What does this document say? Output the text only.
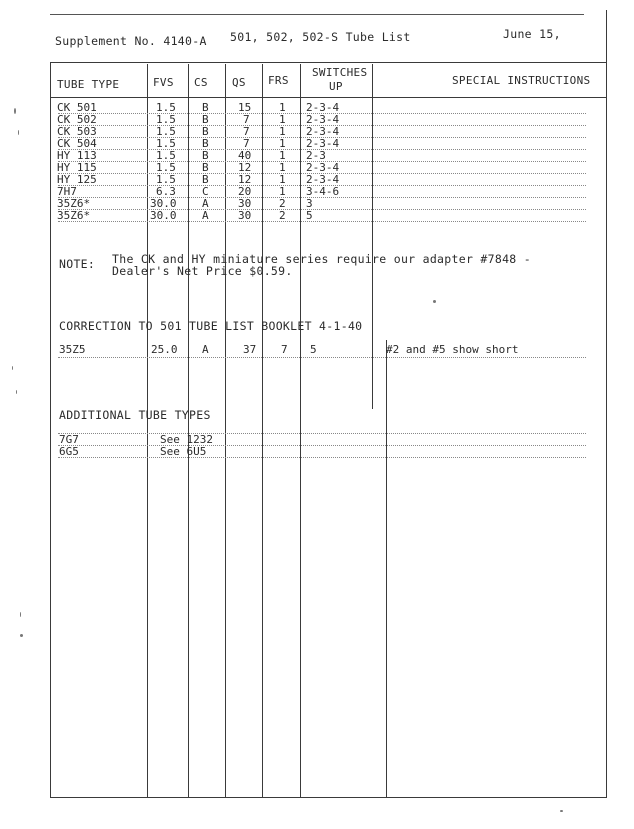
Supplement No. 4140-A 501, 502, 502-S Tube List	June 15,
TUBE TYPE	FVS CS QS FRS
SWITCHES
UP	SPECIAL INSTRUCTIONS
CK 501	1.5 B	15	1 2-3-4
CK 502	1.5 B	7	1 2-3-4
CK 503	1.5 B	7	1 2-3-4
CK 504	1.5 B	7	1 2-3-4
HY 113	1.5 B	40	1 2-3
HY 115	1.5 B	12	1 2-3-4
HY 125	1.5 B	12	1 2-3-4
7H7	6.3 C	20	1 3-4-6
35Z6*	30.0 A	30	2 3
35Z6*	30.0 A	30	2 5
NOTE: The CK and HY miniature series require our adapter #7848 -
Dealer's Net Price $0.59.
CORRECTION TO 501 TUBE LIST BOOKLET 4-1-40
35Z5	25.0 A	37 7 5	#2 and #5 show short
ADDITIONAL TUBE TYPES
7G7	See 1232
6G5	See 6U5
